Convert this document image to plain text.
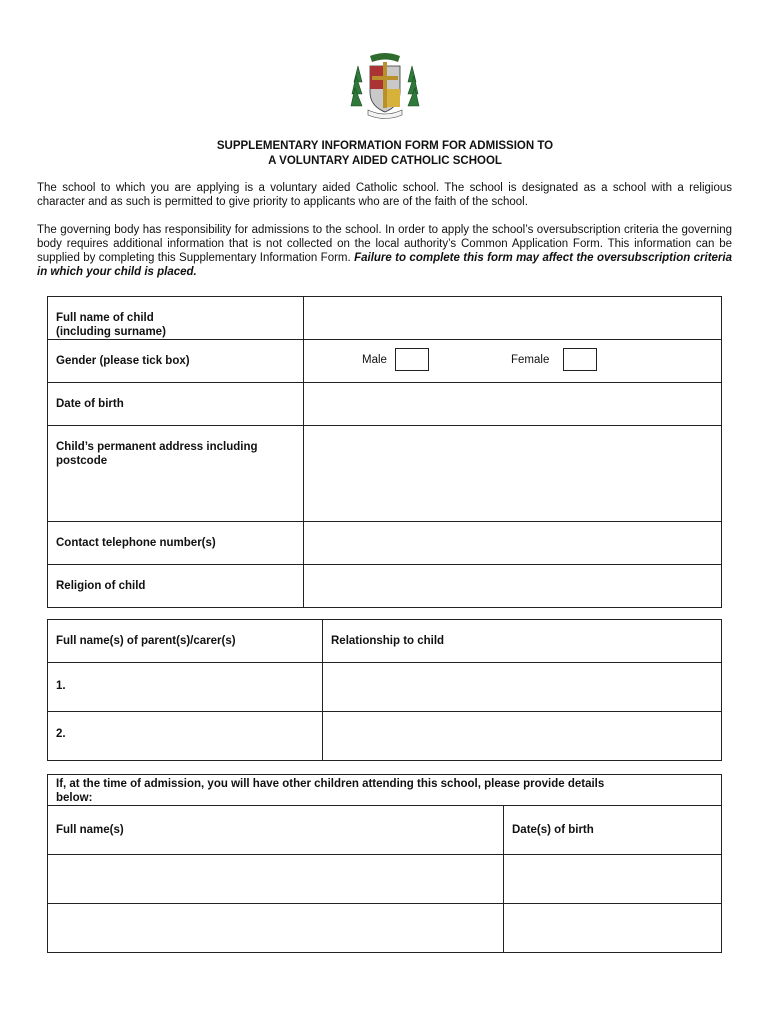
SUPPLEMENTARY INFORMATION FORM FOR ADMISSION TO
A VOLUNTARY AIDED CATHOLIC SCHOOL

The school to which you are applying is a voluntary aided Catholic school. The school is designated as a school with a religious character and as such is permitted to give priority to applicants who are of the faith of the school.

The governing body has responsibility for admissions to the school. In order to apply the school’s oversubscription criteria the governing body requires additional information that is not collected on the local authority’s Common Application Form. This information can be supplied by completing this Supplementary Information Form. Failure to complete this form may affect the oversubscription criteria in which your child is placed.

Full name of child
(including surname)	

Gender (please tick box)	Male Female

Date of birth	

Child’s permanent address including
postcode	

Contact telephone number(s)	

Religion of child	

Full name(s) of parent(s)/carer(s)	Relationship to child

1.	

2.	

If, at the time of admission, you will have other children attending this school, please provide details
below:	

Full name(s)	Date(s) of birth
